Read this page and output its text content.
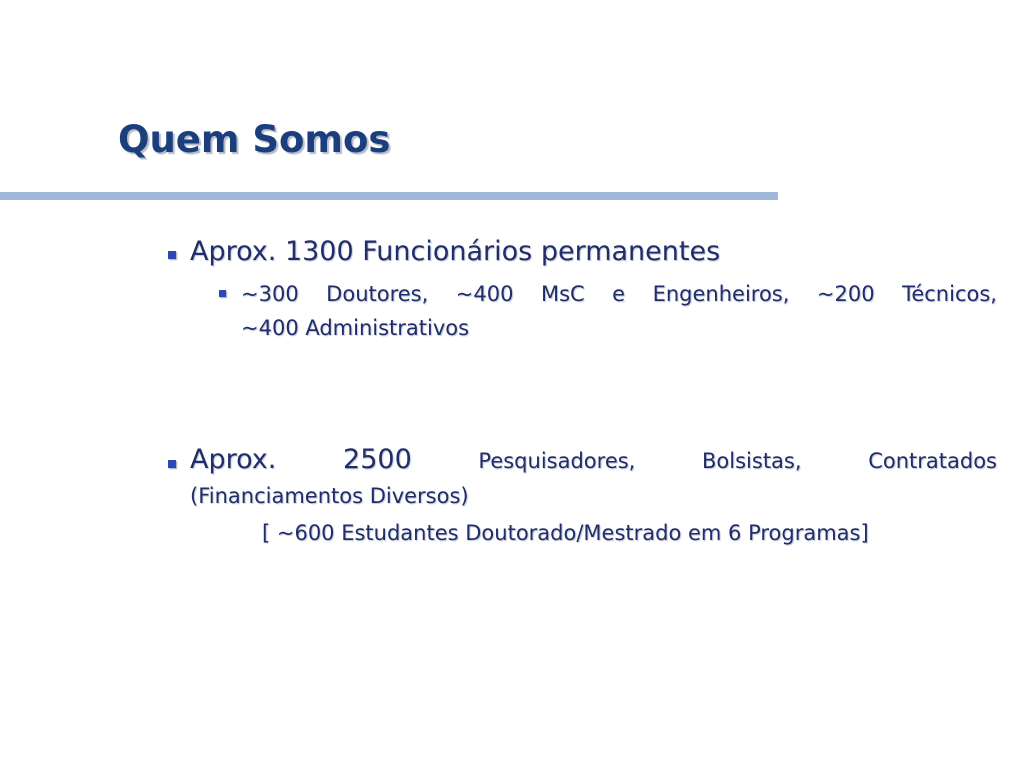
Quem Somos
Aprox. 1300 Funcionários permanentes
~300 Doutores, ~400 MsC e Engenheiros, ~200 Técnicos,
~400 Administrativos
Aprox. 2500	Pesquisadores,	Bolsistas,	Contratados
(Financiamentos Diversos)
[ ~600 Estudantes Doutorado/Mestrado em 6 Programas]
